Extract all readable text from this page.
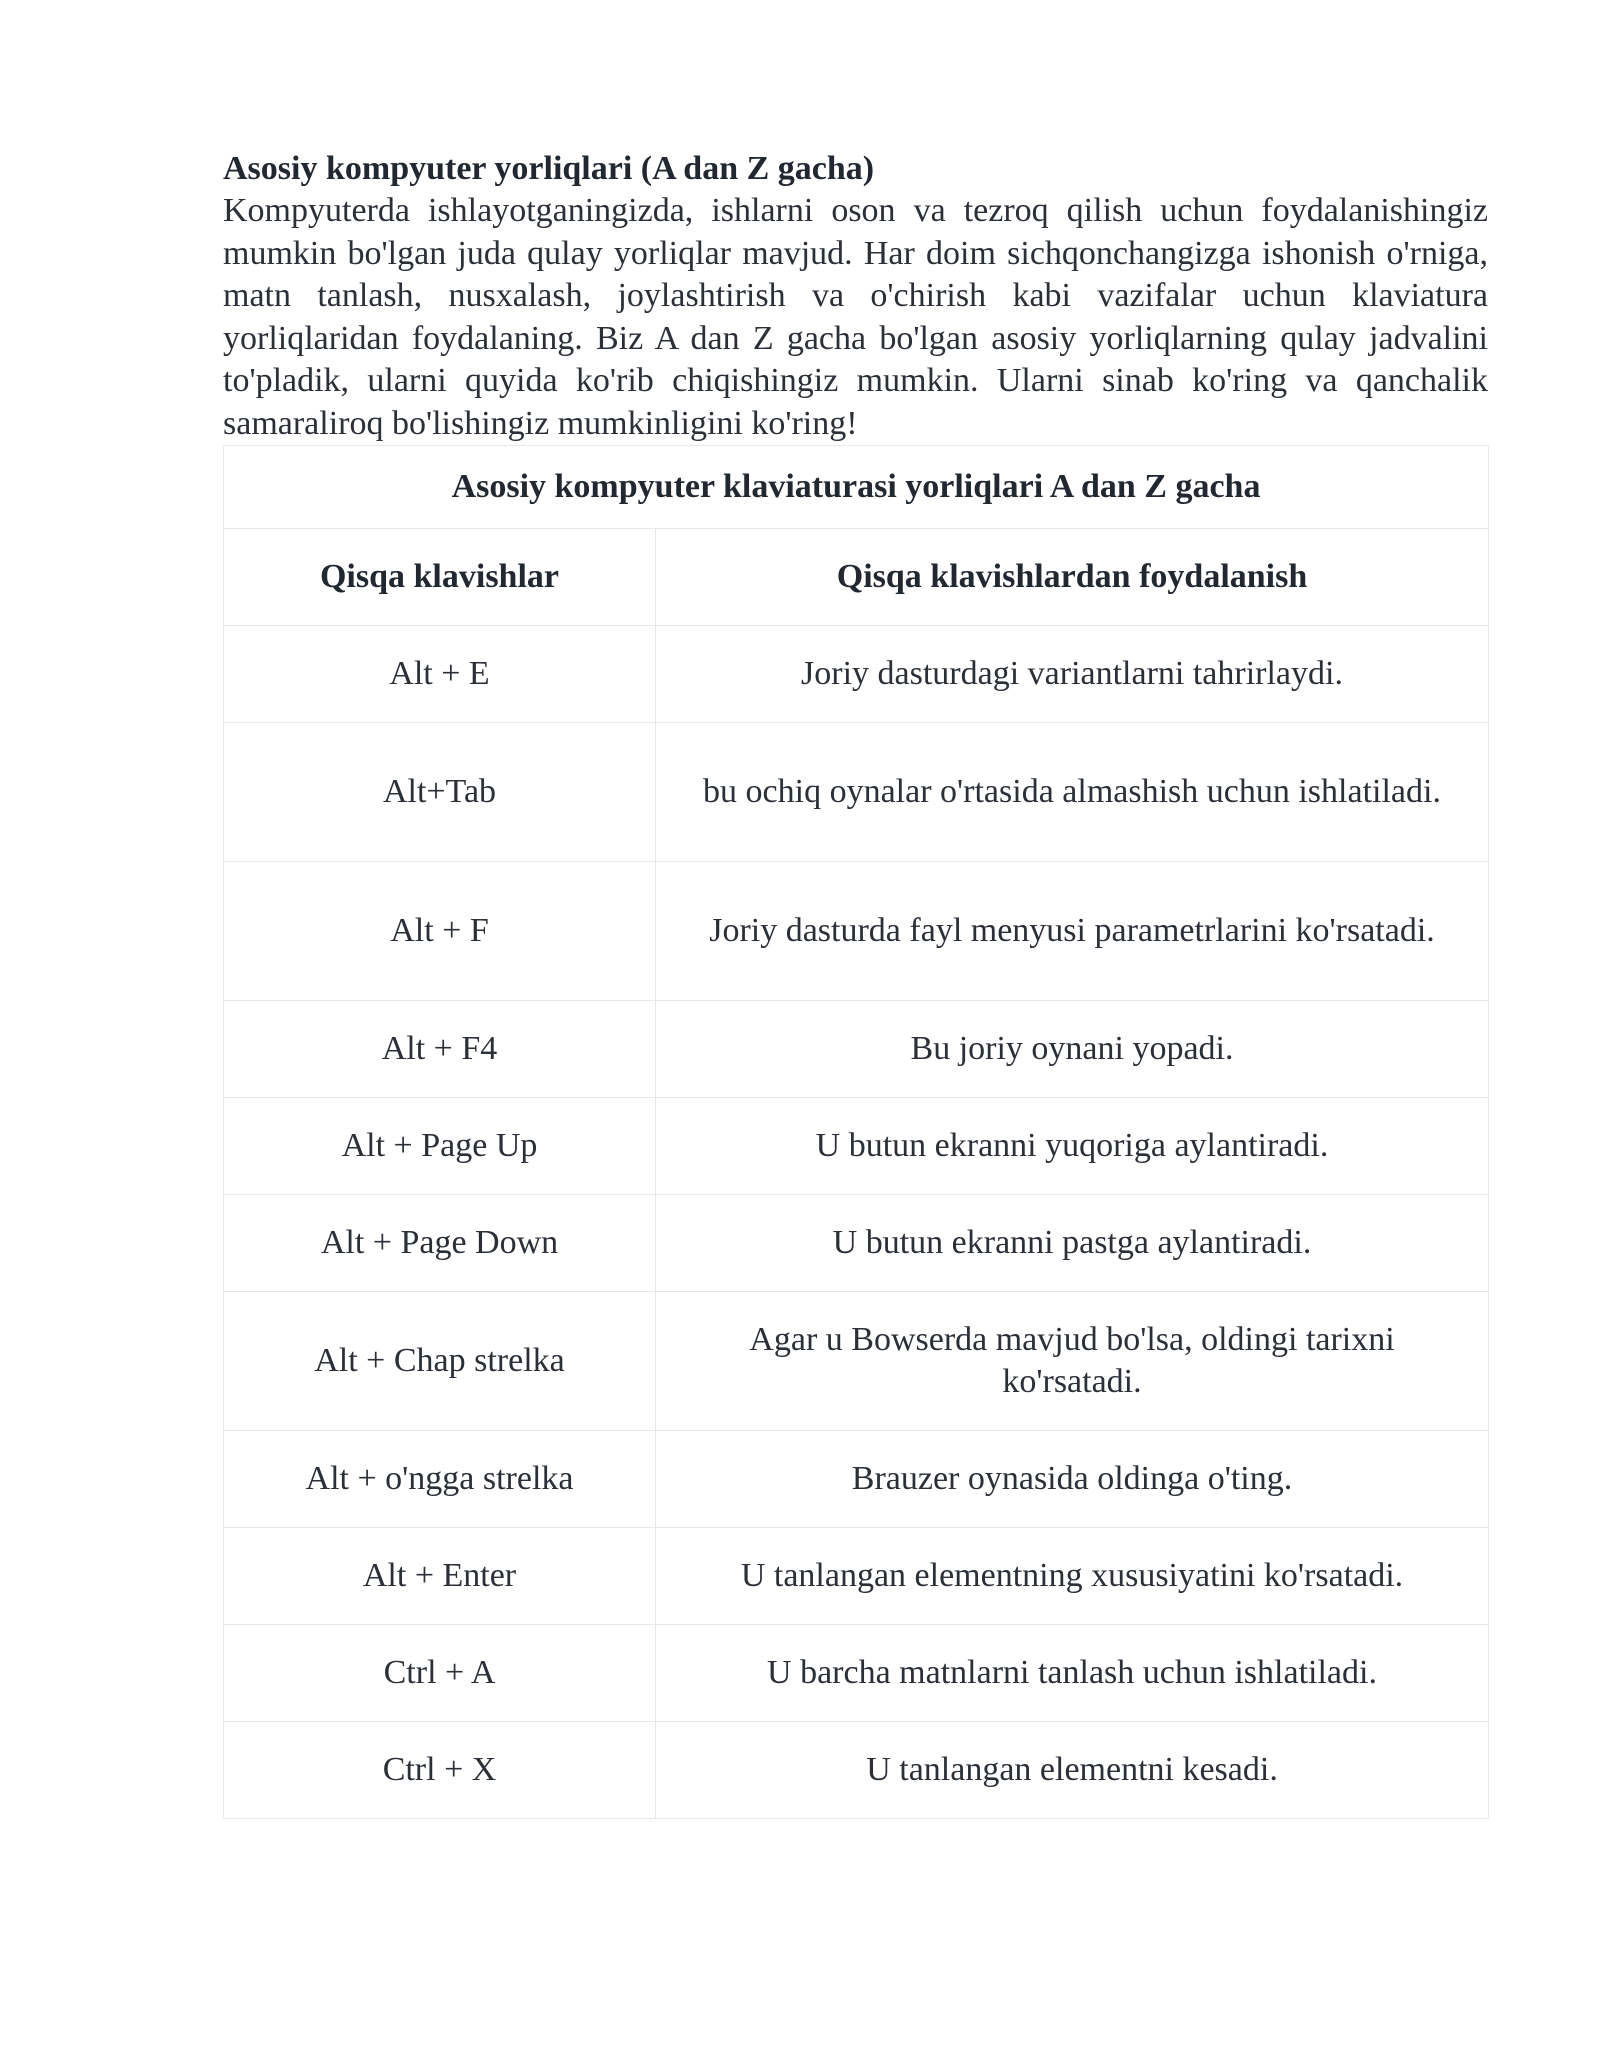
Asosiy kompyuter yorliqlari (A dan Z gacha)

Kompyuterda ishlayotganingizda, ishlarni oson va tezroq qilish uchun foydalanishingiz mumkin bo'lgan juda qulay yorliqlar mavjud. Har doim sichqonchangizga ishonish o'rniga, matn tanlash, nusxalash, joylashtirish va o'chirish kabi vazifalar uchun klaviatura yorliqlaridan foydalaning. Biz A dan Z gacha bo'lgan asosiy yorliqlarning qulay jadvalini to'pladik, ularni quyida ko'rib chiqishingiz mumkin. Ularni sinab ko'ring va qanchalik samaraliroq bo'lishingiz mumkinligini ko'ring!

Asosiy kompyuter klaviaturasi yorliqlari A dan Z gacha	
Qisqa klavishlar	Qisqa klavishlardan foydalanish
Alt + E	Joriy dasturdagi variantlarni tahrirlaydi.
Alt+Tab	bu ochiq oynalar o'rtasida almashish uchun ishlatiladi.
Alt + F	Joriy dasturda fayl menyusi parametrlarini ko'rsatadi.
Alt + F4	Bu joriy oynani yopadi.
Alt + Page Up	U butun ekranni yuqoriga aylantiradi.
Alt + Page Down	U butun ekranni pastga aylantiradi.
Alt + Chap strelka	Agar u Bowserda mavjud bo'lsa, oldingi tarixni ko'rsatadi.
Alt + o'ngga strelka	Brauzer oynasida oldinga o'ting.
Alt + Enter	U tanlangan elementning xususiyatini ko'rsatadi.
Ctrl + A	U barcha matnlarni tanlash uchun ishlatiladi.
Ctrl + X	U tanlangan elementni kesadi.
